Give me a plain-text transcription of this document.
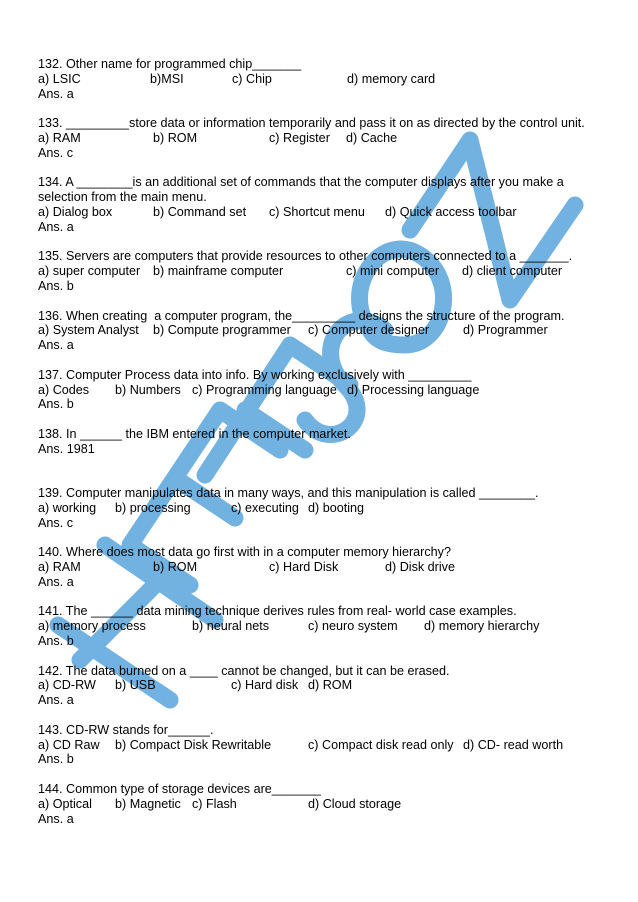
132. Other name for programmed chip_______
a) LSIC	b)MSI	c) Chip	d) memory card
Ans. a
133. _________store data or information temporarily and pass it on as directed by the control unit.
a) RAM	b) ROM	c) Register d) Cache
Ans. c
134. A ________is an additional set of commands that the computer displays after you make a
selection from the main menu.
a) Dialog box	b) Command set c) Shortcut menu d) Quick access toolbar
Ans. a
135. Servers are computers that provide resources to other computers connected to a _______.
a) super computer b) mainframe computer	c) mini computer d) client computer
Ans. b
136. When creating  a computer program, the_________ designs the structure of the program.
a) System Analyst b) Compute programmer c) Computer designer	d) Programmer
Ans. a
137. Computer Process data into info. By working exclusively with _________
a) Codes b) Numbers c) Programming language d) Processing language
Ans. b
138. In ______ the IBM entered in the computer market.
Ans. 1981
139. Computer manipulates data in many ways, and this manipulation is called ________.
a) working b) processing	c) executing d) booting
Ans. c
140. Where does most data go first with in a computer memory hierarchy?
a) RAM	b) ROM	c) Hard Disk	d) Disk drive
Ans. a
141. The ______ data mining technique derives rules from real- world case examples.
a) memory process	b) neural nets	c) neuro system d) memory hierarchy
Ans. b
142. The data burned on a ____ cannot be changed, but it can be erased.
a) CD-RW b) USB	c) Hard disk d) ROM
Ans. a
143. CD-RW stands for______.
a) CD Raw b) Compact Disk Rewritable	c) Compact disk read only d) CD- read worth
Ans. b
144. Common type of storage devices are_______
a) Optical b) Magnetic c) Flash	d) Cloud storage
Ans. a
